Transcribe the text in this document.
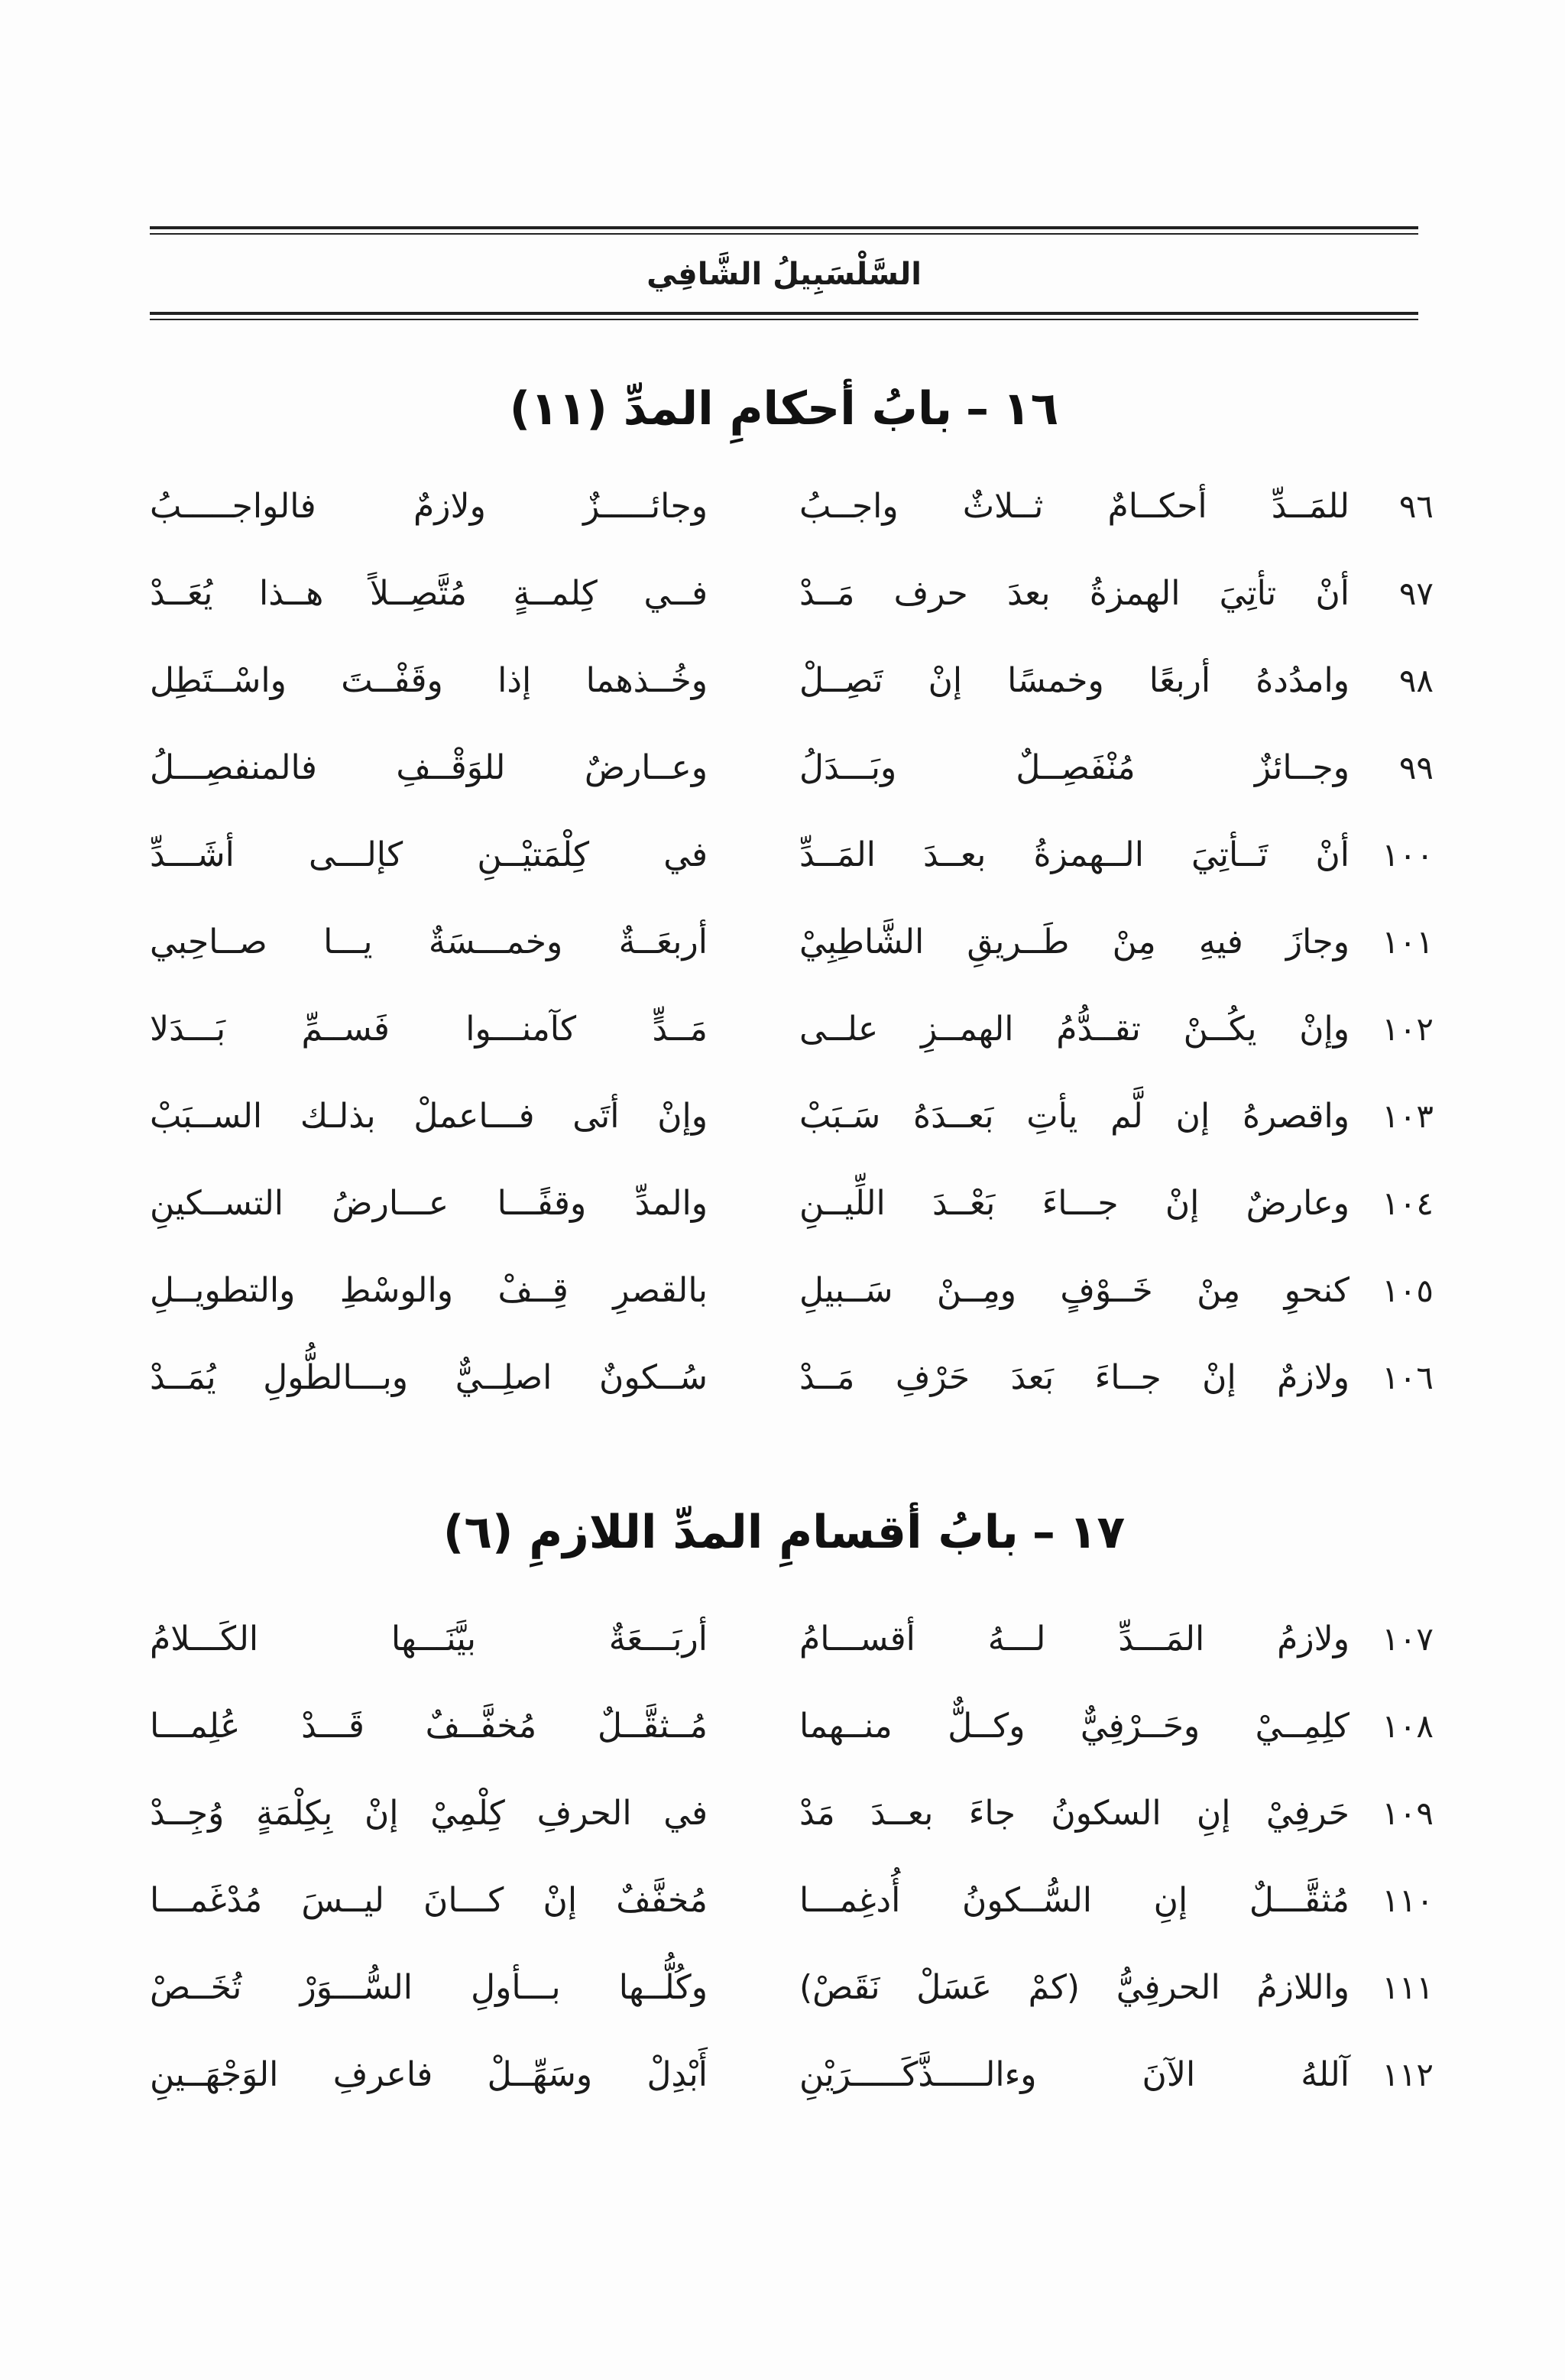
السَّلْسَبِيلُ الشَّافِي
١٦–بابُ أحكامِ المدِّ (١١)
٩٦
للمَــدِّ أحكــامٌ ثــلاثٌ واجــبُ
وجائـــــزٌ ولازمٌ فالواجـــــبُ
٩٧
أنْ تأتِيَ الهمزةُ بعدَ حرف مَــدْ
فــي كِلمــةٍ مُتَّصِــلاً هــذا يُعَــدْ
٩٨
وامدُدهُ أربعًا وخمسًا إنْ تَصِــلْ
وخُــذهما إذا وقَفْــتَ واسْــتَطِل
٩٩
وجــائزٌ مُنْفَصِــلٌ وبَـــدَلُ
وعــارضٌ للوَقْــفِ فالمنفصِـــلُ
١٠٠
أنْ تَــأتِيَ الــهمزةُ بعــدَ المَــدِّ
في كِلْمَتيْــنِ كإلـــى أشَـــدِّ
١٠١
وجازَ فيهِ مِنْ طَــريقِ الشَّاطِبِيْ
أربعَــةٌ وخمـــسَةٌ يـــا صــاحِبي
١٠٢
وإنْ يكُــنْ تقــدُّمُ الهمــزِ علــى
مَــدٍّ كآمنـــوا فَســمِّ بَـــدَلا
١٠٣
واقصرهُ إن لَّم يأتِ بَعــدَهُ سَـبَبْ
وإنْ أتَى فـــاعملْ بذلـك الســبَبْ
١٠٤
وعارضٌ إنْ جـــاءَ بَعْــدَ اللِّيــنِ
والمدِّ وقفًـــا عـــارضُ التســكينِ
١٠٥
كنحوِ مِنْ خَــوْفٍ ومِــنْ سَــبيلِ
بالقصرِ قِــفْ والوسْطِ والتطويــلِ
١٠٦
ولازمٌ إنْ جــاءَ بَعدَ حَرْفِ مَــدْ
سُــكونٌ اصلِــيٌّ وبـــالطُّولِ يُمَــدْ
١٧–بابُ أقسامِ المدِّ اللازمِ (٦)
١٠٧
ولازمُ المَـــدِّ لـــهُ أقســـامُ
أربَـــعَةٌ بيَّنَـــها الكَـــلامُ
١٠٨
كلِمِــيْ وحَــرْفِيٌّ وكــلٌّ منــهما
مُــثقَّــلٌ مُخفَّــفٌ قَـــدْ عُلِمـــا
١٠٩
حَرفِيْ إنِ السكونُ جاءَ بعــدَ مَدْ
في الحرفِ كِلْمِيْ إنْ بِكِلْمَةٍ وُجِــدْ
١١٠
مُثقَّـــلٌ إنِ السُّــكونُ أُدغِمـــا
مُخفَّفٌ إنْ كـــانَ ليــسَ مُدْغَمـــا
١١١
واللازمُ الحرفِيُّ (كمْ عَسَلْ نَقَصْ)
وكُلُّــها بـــأولِ السُّـــوَرْ تُخَــصْ
١١٢
آللهُ الآنَ وءالـــــذَّكَـــــرَيْنِ
أَبْدِلْ وسَهِّــلْ فاعرفِ الوَجْهَــينِ
